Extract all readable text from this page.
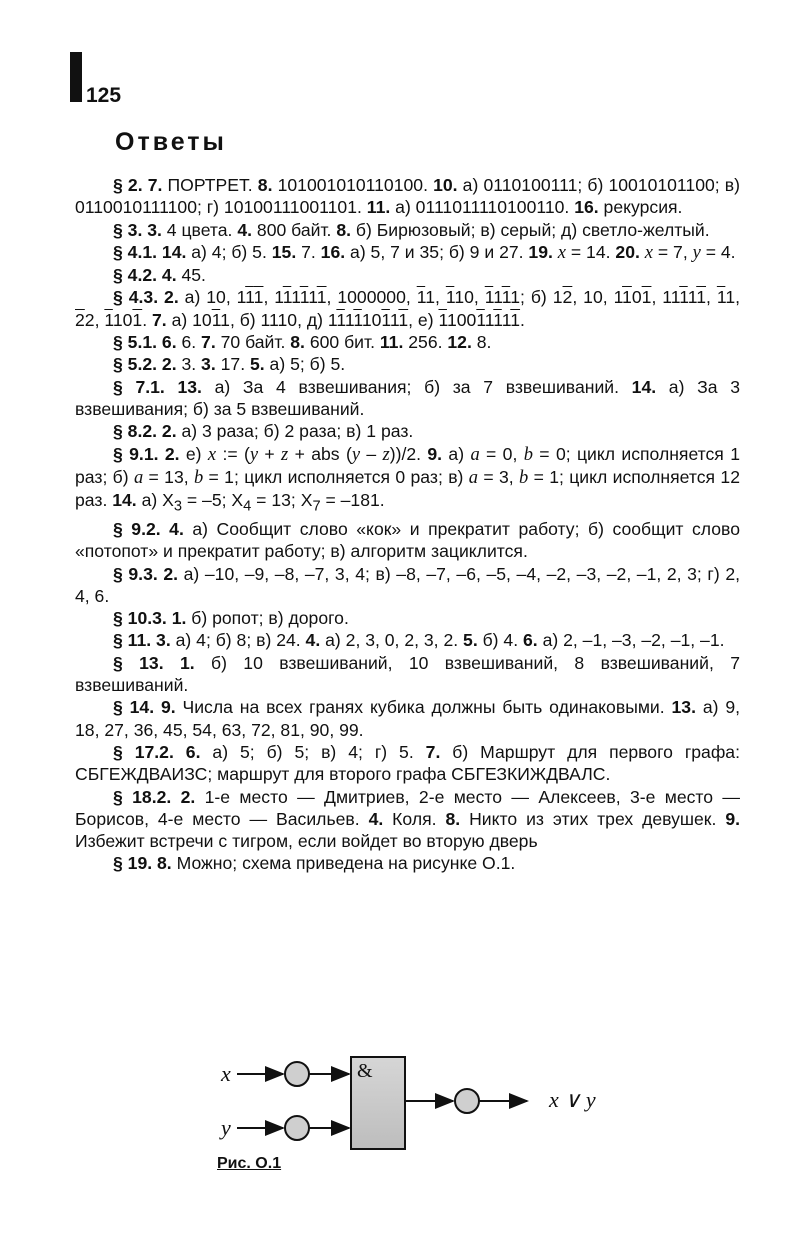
125
Ответы

§ 2. 7. ПОРТРЕТ. 8. 101001010110100. 10. а) 0110100111; б) 10010101100; в) 0110010111100; г) 10100111001101. 11. а) 0111011110100110. 16. рекурсия.

§ 3. 3. 4 цвета. 4. 800 байт. 8. б) Бирюзовый; в) серый; д) светло-желтый.

§ 4.1. 14. а) 4; б) 5. 15. 7. 16. а) 5, 7 и 35; б) 9 и 27. 19. x = 14. 20. x = 7, y = 4.

§ 4.2. 4. 45.

§ 4.3. 2. а) 10, 111, 111111, 1000000, 11, 110, 1111; б) 12, 10, 1101, 11111, 11, 22, 1101. 7. а) 1011, б) 1110, д) 111110111, е) 110011111.

§ 5.1. 6. 6. 7. 70 байт. 8. 600 бит. 11. 256. 12. 8.

§ 5.2. 2. 3. 3. 17. 5. а) 5; б) 5.

§ 7.1. 13. а) За 4 взвешивания; б) за 7 взвешиваний. 14. а) За 3 взвешивания; б) за 5 взвешиваний.

§ 8.2. 2. а) 3 раза; б) 2 раза; в) 1 раз.

§ 9.1. 2. е) x := (y + z + abs (y – z))/2. 9. а) a = 0, b = 0; цикл исполняется 1 раз; б) a = 13, b = 1; цикл исполняется 0 раз; в) a = 3, b = 1; цикл исполняется 12 раз. 14. а) $X_3 = -5$; $X_4 = 13$; $X_7 = -181$.

§ 9.2. 4. а) Сообщит слово «кок» и прекратит работу; б) сообщит слово «потопот» и прекратит работу; в) алгоритм зациклится.

§ 9.3. 2. а) –10, –9, –8, –7, 3, 4; в) –8, –7, –6, –5, –4, –2, –3, –2, –1, 2, 3; г) 2, 4, 6.

§ 10.3. 1. б) ропот; в) дорого.

§ 11. 3. а) 4; б) 8; в) 24. 4. а) 2, 3, 0, 2, 3, 2. 5. б) 4. 6. а) 2, –1, –3, –2, –1, –1.

§ 13. 1. б) 10 взвешиваний, 10 взвешиваний, 8 взвешиваний, 7 взвешиваний.

§ 14. 9. Числа на всех гранях кубика должны быть одинаковыми. 13. а) 9, 18, 27, 36, 45, 54, 63, 72, 81, 90, 99.

§ 17.2. 6. а) 5; б) 5; в) 4; г) 5. 7. б) Маршрут для первого графа: СБГЕЖДВАИЗС; маршрут для второго графа СБГЕЗКИЖДВАЛС.

§ 18.2. 2. 1-е место — Дмитриев, 2-е место — Алексеев, 3-е место — Борисов, 4-е место — Васильев. 4. Коля. 8. Никто из этих трех девушек. 9. Избежит встречи с тигром, если войдет во вторую дверь

§ 19. 8. Можно; схема приведена на рисунке О.1.

x
y
&
x ∨ y
Рис. О.1
